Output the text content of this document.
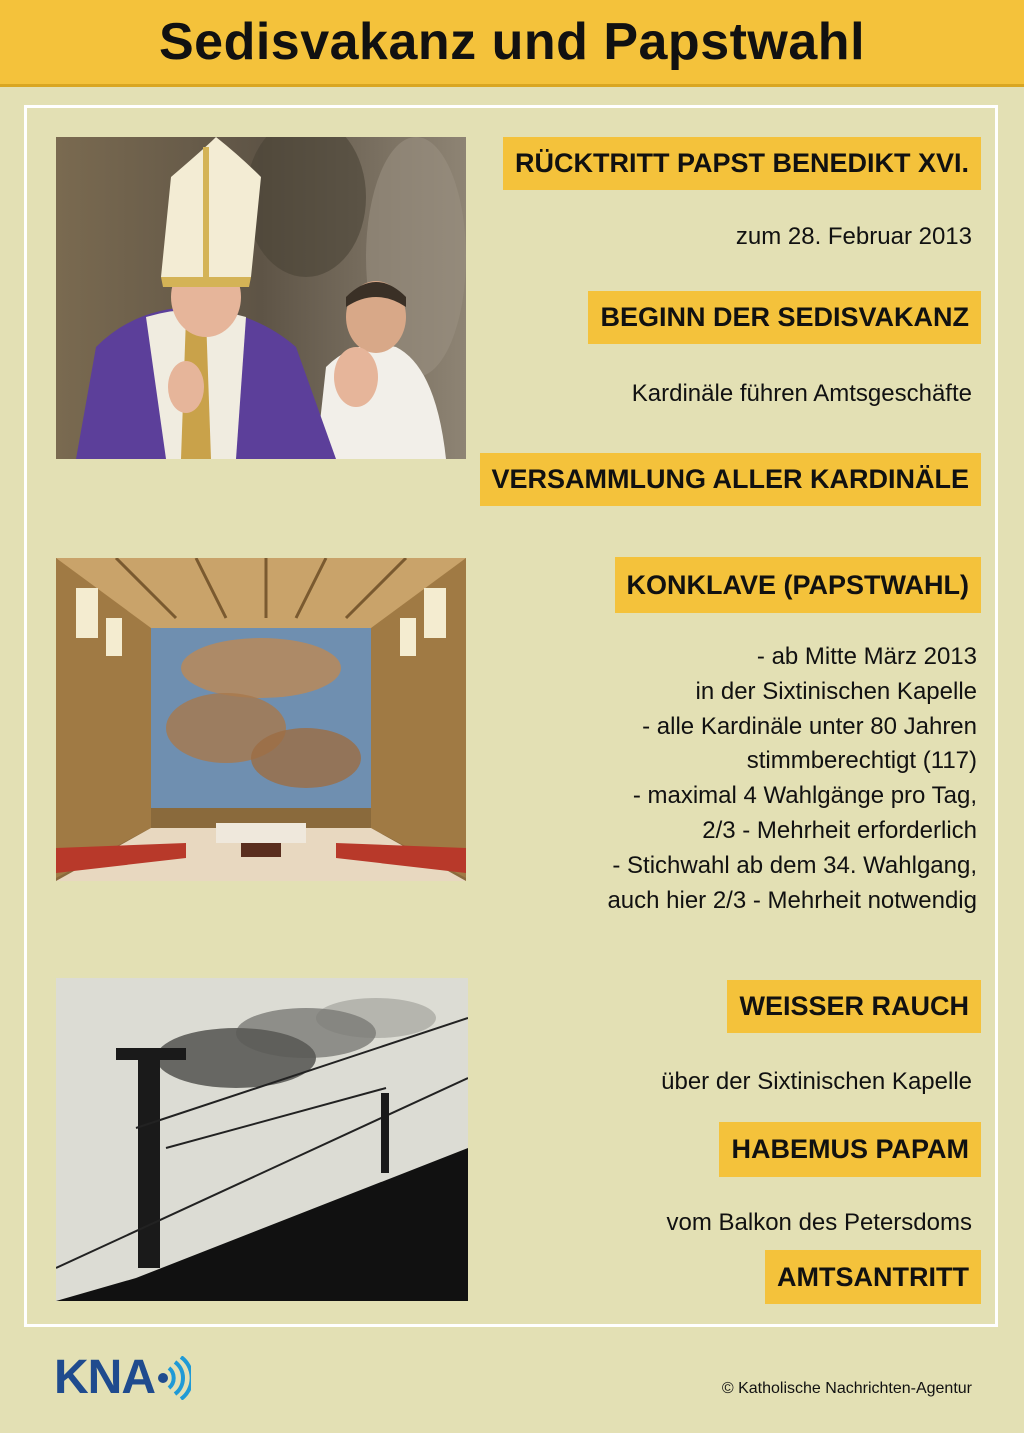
Sedisvakanz und Papstwahl
RÜCKTRITT PAPST BENEDIKT XVI.
zum 28. Februar 2013
BEGINN DER SEDISVAKANZ
Kardinäle führen Amtsgeschäfte
VERSAMMLUNG ALLER KARDINÄLE
KONKLAVE (PAPSTWAHL)
- ab Mitte März 2013
in der Sixtinischen Kapelle
- alle Kardinäle unter 80 Jahren
stimmberechtigt (117)
- maximal 4 Wahlgänge pro Tag,
2/3 - Mehrheit erforderlich
- Stichwahl ab dem 34. Wahlgang,
auch hier 2/3 - Mehrheit notwendig
WEISSER RAUCH
über der Sixtinischen Kapelle
HABEMUS PAPAM
vom Balkon des Petersdoms
AMTSANTRITT
KNA	© Katholische Nachrichten-Agentur
